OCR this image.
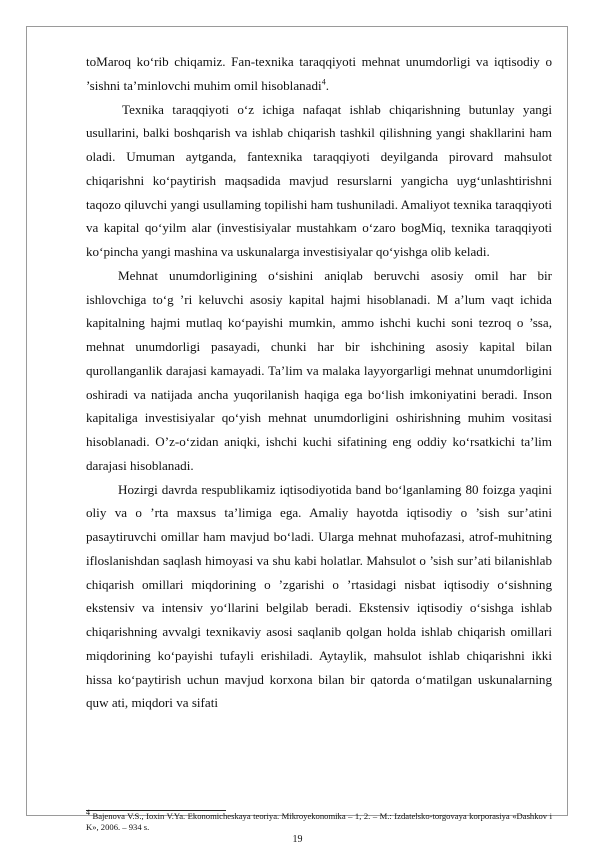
toMaroq ko‘rib chiqamiz. Fan-texnika taraqqiyoti mehnat unumdorligi va iqtisodiy o ’sishni ta’minlovchi muhim omil hisoblanadi$^4$.

Texnika taraqqiyoti o‘z ichiga nafaqat ishlab chiqarishning butunlay yangi usullarini, balki boshqarish va ishlab chiqarish tashkil qilishning yangi shakllarini ham oladi. Umuman aytganda, fantexnika taraqqiyoti deyilganda pirovard mahsulot chiqarishni ko‘paytirish maqsadida mavjud resurslarni yangicha uyg‘unlashtirishni taqozo qiluvchi yangi usullaming topilishi ham tushuniladi. Amaliyot texnika taraqqiyoti va kapital qo‘yilm alar (investisiyalar mustahkam o‘zaro bogMiq, texnika taraqqiyoti ko‘pincha yangi mashina va uskunalarga investisiyalar qo‘yishga olib keladi.

Mehnat unumdorligining o‘sishini aniqlab beruvchi asosiy omil har bir ishlovchiga to‘g ’ri keluvchi asosiy kapital hajmi hisoblanadi. M a’lum vaqt ichida kapitalning hajmi mutlaq ko‘payishi mumkin, ammo ishchi kuchi soni tezroq o ’ssa, mehnat unumdorligi pasayadi, chunki har bir ishchining asosiy kapital bilan qurollanganlik darajasi kamayadi. Ta’lim va malaka layyorgarligi mehnat unumdorligini oshiradi va natijada ancha yuqorilanish haqiga ega bo‘lish imkoniyatini beradi. Inson kapitaliga investisiyalar qo‘yish mehnat unumdorligini oshirishning muhim vositasi hisoblanadi. O’z-o‘zidan aniqki, ishchi kuchi sifatining eng oddiy ko‘rsatkichi ta’lim darajasi hisoblanadi.

Hozirgi davrda respublikamiz iqtisodiyotida band bo‘lganlaming 80 foizga yaqini oliy va o ’rta maxsus ta’limiga ega. Amaliy hayotda iqtisodiy o ’sish sur’atini pasaytiruvchi omillar ham mavjud bo‘ladi. Ularga mehnat muhofazasi, atrof-muhitning ifloslanishdan saqlash himoyasi va shu kabi holatlar. Mahsulot o ’sish sur’ati bilanishlab chiqarish omillari miqdorining o ’zgarishi o ’rtasidagi nisbat iqtisodiy o‘sishning ekstensiv va intensiv yo‘llarini belgilab beradi. Ekstensiv iqtisodiy o‘sishga ishlab chiqarishning avvalgi texnikaviy asosi saqlanib qolgan holda ishlab chiqarish omillari miqdorining ko‘payishi tufayli erishiladi. Aytaylik, mahsulot ishlab chiqarishni ikki hissa ko‘paytirish uchun mavjud korxona bilan bir qatorda o‘matilgan uskunalarning quw ati, miqdori va sifati

$^4$ Bajenova V.S., Ioxin V.Ya. Ekonomicheskaya teoriya. Mikroyekonomika – 1, 2. – M.: Izdatelsko-torgovaya korporasiya «Dashkov i K», 2006. – 934 s.
19
